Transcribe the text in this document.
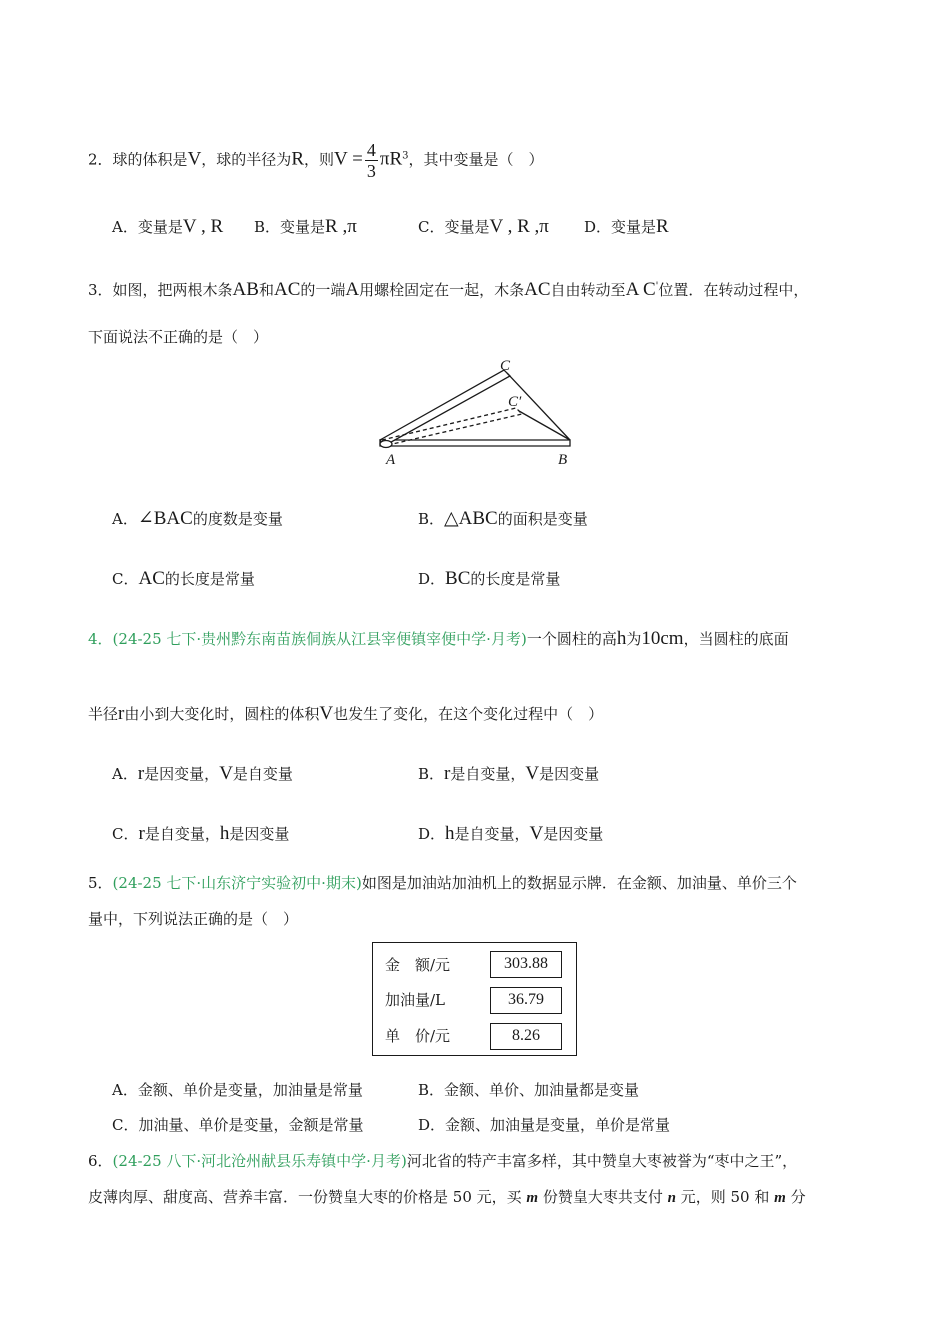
2．球的体积是V，球的半径为R，则$V = \frac{4}{3} \pi R^3$，其中变量是（　）
A．变量是V , R B．变量是R ,π	C．变量是V , R ,π D．变量是R
3．如图，把两根木条AB和AC的一端A用螺栓固定在一起，木条AC自由转动至A C'位置．在转动过程中，
下面说法不正确的是（　）
C
C′
A	B
A．∠BAC的度数是变量	B．△ABC的面积是变量
C．AC的长度是常量	D．BC的长度是常量
4．(24-25 七下·贵州黔东南苗族侗族从江县宰便镇宰便中学·月考)一个圆柱的高h为10cm，当圆柱的底面
半径r由小到大变化时，圆柱的体积V也发生了变化，在这个变化过程中（　）
A．r是因变量，V是自变量	B．r是自变量，V是因变量
C．r是自变量，h是因变量	D．h是自变量，V是因变量
5．(24-25 七下·山东济宁实验初中·期末)如图是加油站加油机上的数据显示牌．在金额、加油量、单价三个
量中，下列说法正确的是（　）
金　额/元	303.88
加油量/L	36.79
单　价/元	8.26
A．金额、单价是变量，加油量是常量	B．金额、单价、加油量都是变量
C．加油量、单价是变量，金额是常量	D．金额、加油量是变量，单价是常量
6．(24-25 八下·河北沧州献县乐寿镇中学·月考)河北省的特产丰富多样，其中赞皇大枣被誉为“枣中之王”，
皮薄肉厚、甜度高、营养丰富．一份赞皇大枣的价格是 50 元，买 m 份赞皇大枣共支付 n 元，则 50 和 m 分
